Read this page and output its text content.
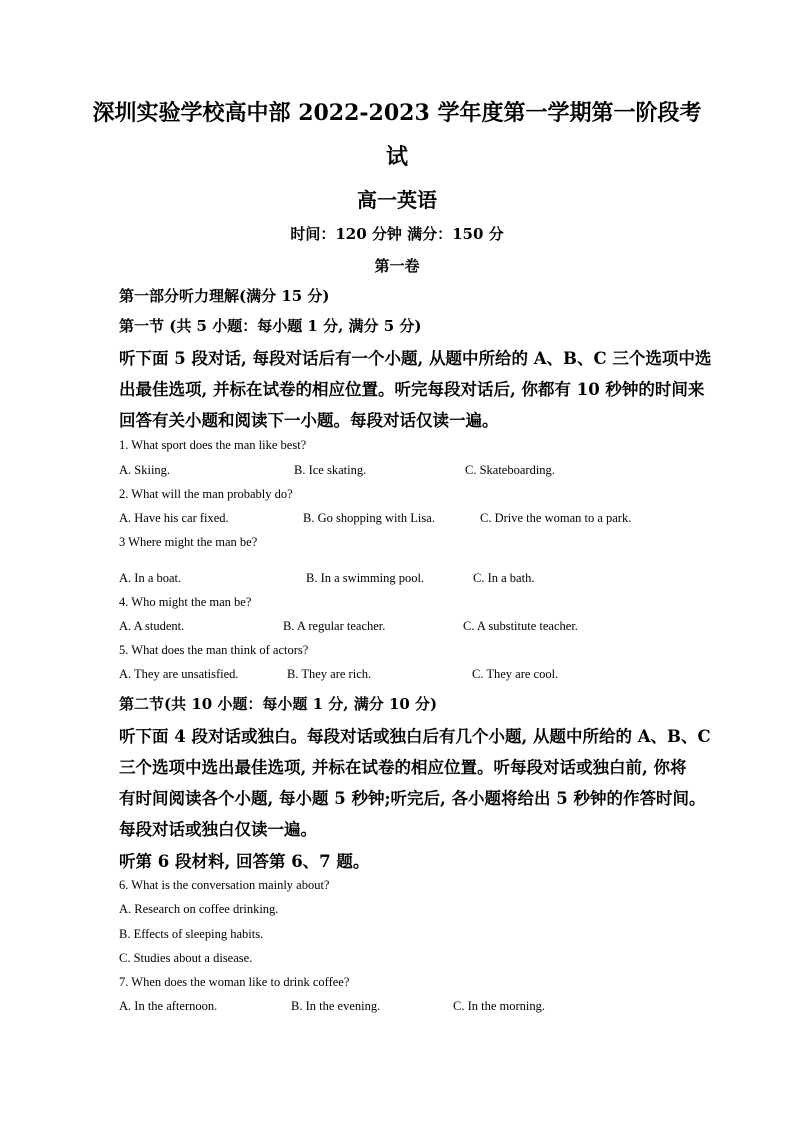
深圳实验学校高中部 2022-2023 学年度第一学期第一阶段考
试
高一英语
时间：120 分钟 满分：150 分
第一卷
第一部分听力理解(满分 15 分)
第一节 (共 5 小题：每小题 1 分, 满分 5 分)
听下面 5 段对话, 每段对话后有一个小题, 从题中所给的 A、B、C 三个选项中选
出最佳选项, 并标在试卷的相应位置。听完每段对话后, 你都有 10 秒钟的时间来
回答有关小题和阅读下一小题。每段对话仅读一遍。
1. What sport does the man like best?
A. Skiing.	B. Ice skating.	C. Skateboarding.
2. What will the man probably do?
A. Have his car fixed.	B. Go shopping with Lisa.	C. Drive the woman to a park.
3 Where might the man be?
A. In a boat.	B. In a swimming pool.	C. In a bath.
4. Who might the man be?
A. A student.	B. A regular teacher.	C. A substitute teacher.
5. What does the man think of actors?
A. They are unsatisfied.	B. They are rich.	C. They are cool.
第二节(共 10 小题：每小题 1 分, 满分 10 分)
听下面 4 段对话或独白。每段对话或独白后有几个小题, 从题中所给的 A、B、C
三个选项中选出最佳选项, 并标在试卷的相应位置。听每段对话或独白前, 你将
有时间阅读各个小题, 每小题 5 秒钟;听完后, 各小题将给出 5 秒钟的作答时间。
每段对话或独白仅读一遍。
听第 6 段材料, 回答第 6、7 题。
6. What is the conversation mainly about?
A. Research on coffee drinking.
B. Effects of sleeping habits.
C. Studies about a disease.
7. When does the woman like to drink coffee?
A. In the afternoon.	B. In the evening.	C. In the morning.
